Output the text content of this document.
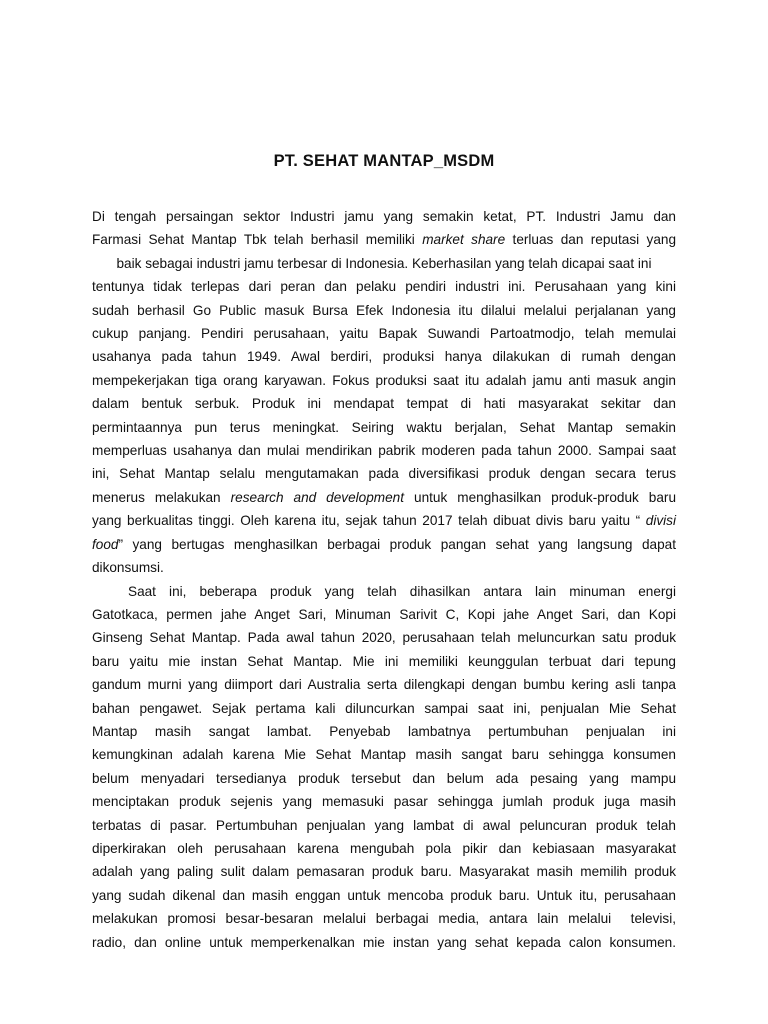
PT. SEHAT MANTAP_MSDM
Di tengah persaingan sektor Industri jamu yang semakin ketat, PT. Industri Jamu dan
Farmasi Sehat Mantap Tbk telah berhasil memiliki market share terluas dan reputasi yang
baik sebagai industri jamu terbesar di Indonesia. Keberhasilan yang telah dicapai saat ini
tentunya tidak terlepas dari peran dan pelaku pendiri industri ini. Perusahaan yang kini
sudah berhasil Go Public masuk Bursa Efek Indonesia itu dilalui melalui perjalanan yang
cukup panjang. Pendiri perusahaan, yaitu Bapak Suwandi Partoatmodjo, telah memulai
usahanya pada tahun 1949. Awal berdiri, produksi hanya dilakukan di rumah dengan
mempekerjakan tiga orang karyawan. Fokus produksi saat itu adalah jamu anti masuk angin
dalam bentuk serbuk. Produk ini mendapat tempat di hati masyarakat sekitar dan
permintaannya pun terus meningkat. Seiring waktu berjalan, Sehat Mantap semakin
memperluas usahanya dan mulai mendirikan pabrik moderen pada tahun 2000. Sampai saat
ini, Sehat Mantap selalu mengutamakan pada diversifikasi produk dengan secara terus
menerus melakukan research and development untuk menghasilkan produk-produk baru
yang berkualitas tinggi. Oleh karena itu, sejak tahun 2017 telah dibuat divis baru yaitu “ divisi
food” yang bertugas menghasilkan berbagai produk pangan sehat yang langsung dapat
dikonsumsi.
Saat ini, beberapa produk yang telah dihasilkan antara lain minuman energi
Gatotkaca, permen jahe Anget Sari, Minuman Sarivit C, Kopi jahe Anget Sari, dan Kopi
Ginseng Sehat Mantap. Pada awal tahun 2020, perusahaan telah meluncurkan satu produk
baru yaitu mie instan Sehat Mantap. Mie ini memiliki keunggulan terbuat dari tepung
gandum murni yang diimport dari Australia serta dilengkapi dengan bumbu kering asli tanpa
bahan pengawet. Sejak pertama kali diluncurkan sampai saat ini, penjualan Mie Sehat
Mantap masih sangat lambat. Penyebab lambatnya pertumbuhan penjualan ini
kemungkinan adalah karena Mie Sehat Mantap masih sangat baru sehingga konsumen
belum menyadari tersedianya produk tersebut dan belum ada pesaing yang mampu
menciptakan produk sejenis yang memasuki pasar sehingga jumlah produk juga masih
terbatas di pasar. Pertumbuhan penjualan yang lambat di awal peluncuran produk telah
diperkirakan oleh perusahaan karena mengubah pola pikir dan kebiasaan masyarakat
adalah yang paling sulit dalam pemasaran produk baru. Masyarakat masih memilih produk
yang sudah dikenal dan masih enggan untuk mencoba produk baru. Untuk itu, perusahaan
melakukan promosi besar-besaran melalui berbagai media, antara lain melalui  televisi,
radio, dan online untuk memperkenalkan mie instan yang sehat kepada calon konsumen.
